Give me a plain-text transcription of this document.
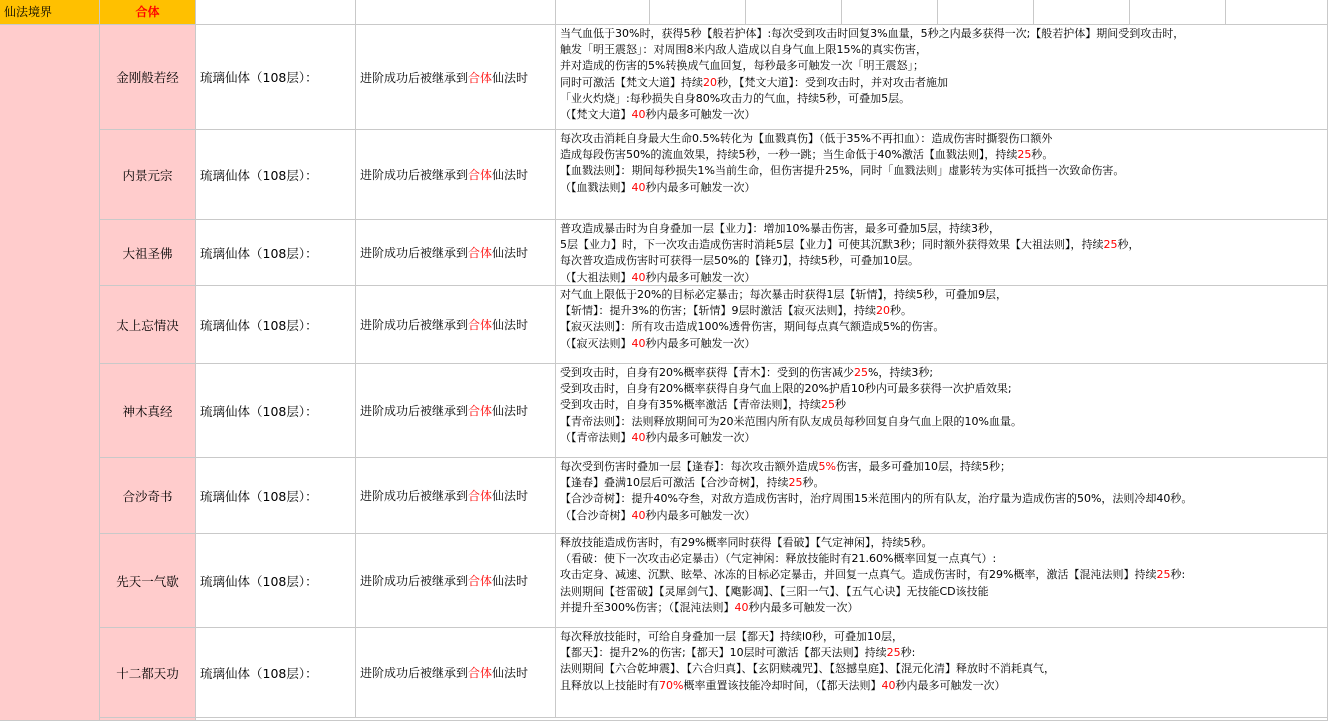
仙法境界	合体
金刚般若经	琉璃仙体（108层）：	进阶成功后被继承到 合体 仙法时
当气血低于30%时，获得5秒【般若护体】:每次受到攻击时回复3%血量，5秒之内最多获得一次;【般若护体】期间受到攻击时，
触发「明王震怒」：对周围8米内敌人造成以自身气血上限15%的真实伤害，
并对造成的伤害的5%转换成气血回复，每秒最多可触发一次「明王震怒」；
同时可激活【梵文大道】持续20秒，【梵文大道】：受到攻击时，并对攻击者施加
「业火灼烧」:每秒损失自身80%攻击力的气血，持续5秒，可叠加5层。
（【梵文大道】40秒内最多可触发一次）
内景元宗	琉璃仙体（108层）：	进阶成功后被继承到 合体 仙法时
每次攻击消耗自身最大生命0.5%转化为【血戮真伤】（低于35%不再扣血）：造成伤害时撕裂伤口额外
造成每段伤害50%的流血效果，持续5秒，一秒一跳；当生命低于40%激活【血戮法则】，持续25秒。
【血戮法则】：期间每秒损失1%当前生命，但伤害提升25%，同时「血戮法则」虚影转为实体可抵挡一次致命伤害。
（【血戮法则】40秒内最多可触发一次）
大祖圣佛	琉璃仙体（108层）：	进阶成功后被继承到 合体 仙法时
普攻造成暴击时为自身叠加一层【业力】：增加10%暴击伤害，最多可叠加5层，持续3秒，
5层【业力】时，下一次攻击造成伤害时消耗5层【业力】可使其沉默3秒；同时额外获得效果【大祖法则】，持续25秒，
每次普攻造成伤害时可获得一层50%的【锋刃】，持续5秒，可叠加10层。
（【大祖法则】40秒内最多可触发一次）
太上忘情决	琉璃仙体（108层）：	进阶成功后被继承到 合体 仙法时
对气血上限低于20%的目标必定暴击；每次暴击时获得1层【斩情】，持续5秒，可叠加9层，
【斩情】：提升3%的伤害；【斩情】9层时激活【寂灭法则】，持续20秒。
【寂灭法则】：所有攻击造成100%透骨伤害，期间每点真气额造成5%的伤害。
（【寂灭法则】40秒内最多可触发一次）
神木真经	琉璃仙体（108层）：	进阶成功后被继承到 合体 仙法时
受到攻击时，自身有20%概率获得【青木】：受到的伤害减少25%，持续3秒;
受到攻击时，自身有20%概率获得自身气血上限的20%护盾10秒内可最多获得一次护盾效果;
受到攻击时，自身有35%概率激活【青帝法则】，持续25秒
【青帝法则】：法则释放期间可为20米范围内所有队友成员每秒回复自身气血上限的10%血量。
（【青帝法则】40秒内最多可触发一次）
合沙奇书	琉璃仙体（108层）：	进阶成功后被继承到 合体 仙法时
每次受到伤害时叠加一层【逢春】：每次攻击额外造成5%伤害，最多可叠加10层，持续5秒；
【逢春】叠满10层后可激活【合沙奇树】，持续25秒。
【合沙奇树】：提升40%夺叁，对敌方造成伤害时，治疗周围15米范围内的所有队友，治疗量为造成伤害的50%，法则冷却40秒。
（【合沙奇树】40秒内最多可触发一次）
先天一气歇	琉璃仙体（108层）：	进阶成功后被继承到 合体 仙法时
释放技能造成伤害时，有29%概率同时获得【看破】【气定神闲】，持续5秒。
（看破：使下一次攻击必定暴击）（气定神闲：释放技能时有21.60%概率回复一点真气）:
攻击定身、减速、沉默、眩晕、冰冻的目标必定暴击，并回复一点真气。造成伤害时，有29%概率，激活【混沌法则】持续25秒:
法则期间【苍雷破】【灵犀剑气】、【飑影凋】、【三阳一气】、【五气心诀】无技能CD该技能
并提升至300%伤害；（【混沌法则】40秒内最多可触发一次）
十二都天功	琉璃仙体（108层）：	进阶成功后被继承到 合体 仙法时
每次释放技能时，可给自身叠加一层【都天】持续l0秒，可叠加10层，
【都天】：提升2%的伤害;【都天】10层时可激活【都天法则】持续25秒:
法则期间【六合乾坤震】、【六合归真】、【玄阴赎魂咒】、【怒撼皇庭】、【混元化清】释放时不消耗真气，
且释放以上技能时有70%概率重置该技能冷却时间，（【都天法则】40秒内最多可触发一次）
